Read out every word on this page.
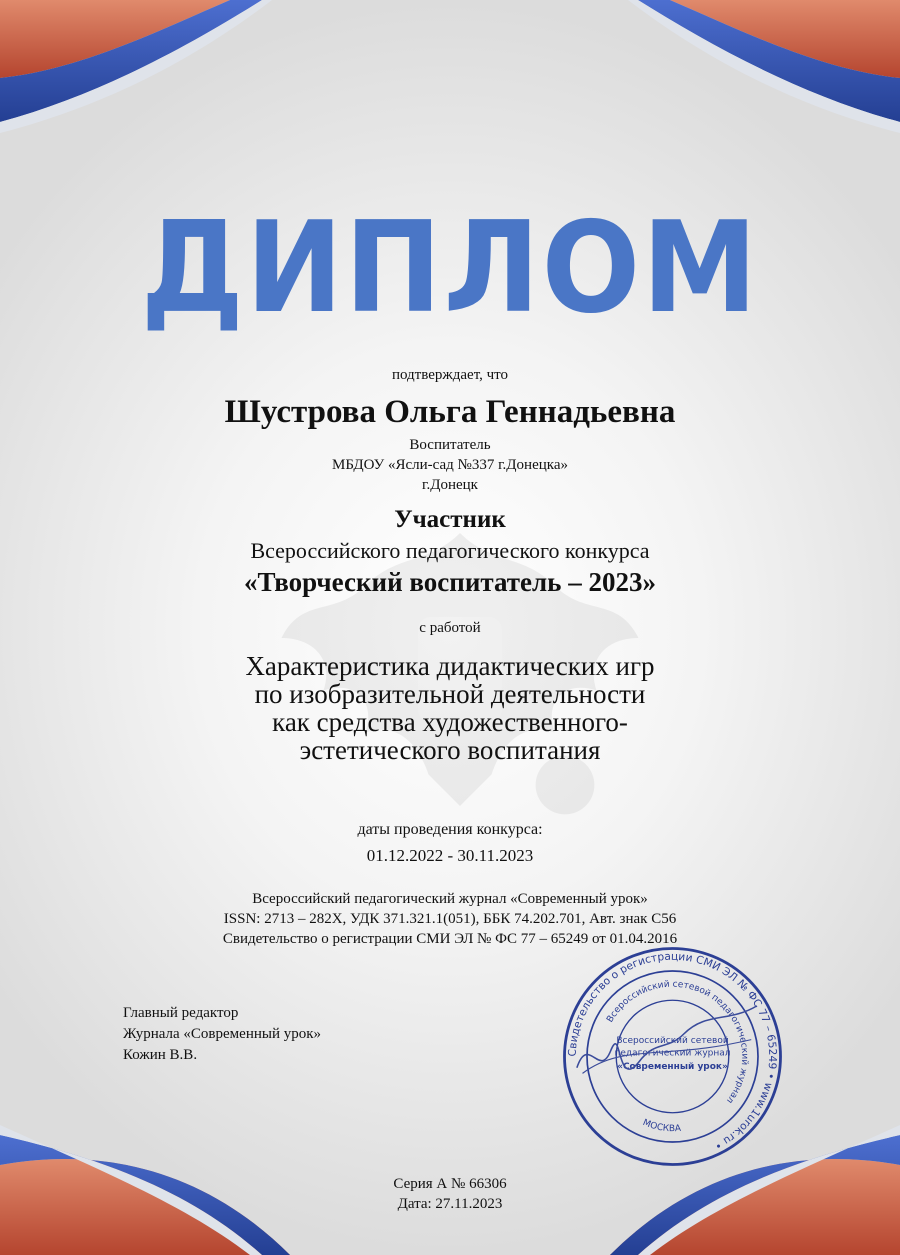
ДИПЛОМ
подтверждает, что
Шустрова Ольга Геннадьевна
Воспитатель
МБДОУ «Ясли-сад №337 г.Донецка»
г.Донецк
Участник
Всероссийского педагогического конкурса
«Творческий воспитатель – 2023»
с работой
Характеристика дидактических игр
по изобразительной деятельности
как средства художественного-
эстетического воспитания
даты проведения конкурса:
01.12.2022 - 30.11.2023
Всероссийский педагогический журнал «Современный урок»
ISSN: 2713 – 282X, УДК 371.321.1(051), ББК 74.202.701, Авт. знак С56
Свидетельство о регистрации СМИ ЭЛ № ФС 77 – 65249 от 01.04.2016
Главный редактор
Журнала «Современный урок»
Кожин В.В.	Свидетельство о регистрации СМИ ЭЛ № ФС 77 – 65249 • www.1urok.ru •
Всероссийский сетевой педагогический журнал
МОСКВА
Всероссийский сетевой
педагогический журнал
«Современный урок»
Серия А № 66306
Дата: 27.11.2023
